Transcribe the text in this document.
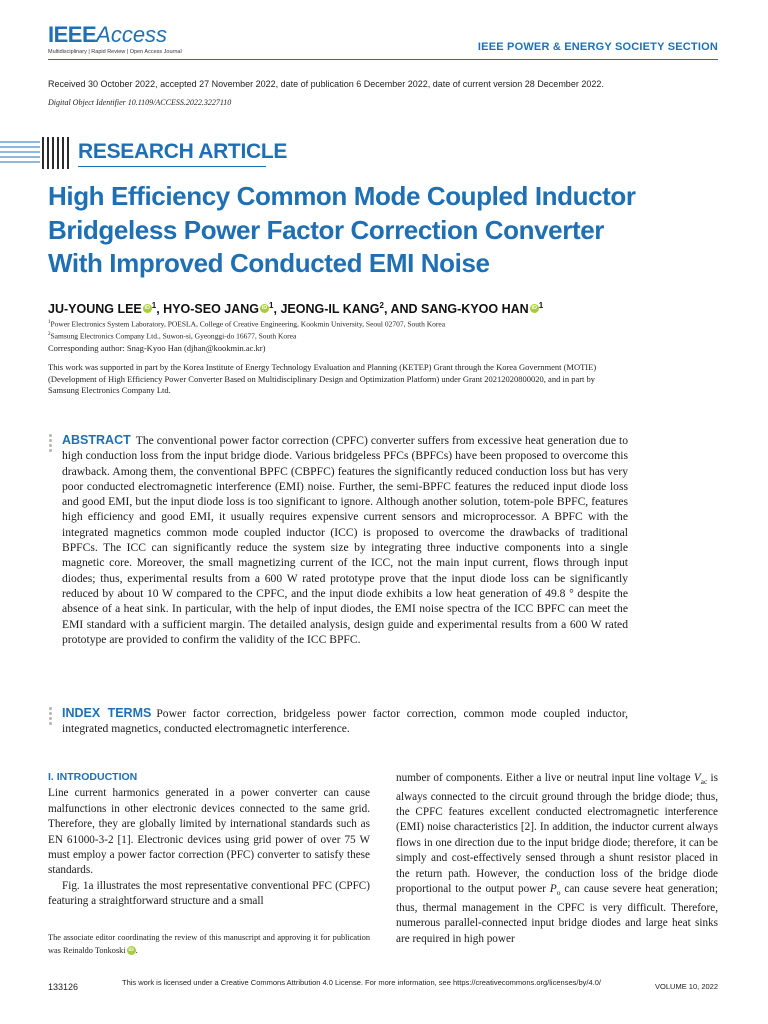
IEEEAccess
Multidisciplinary | Rapid Review | Open Access Journal	IEEE POWER & ENERGY SOCIETY SECTION
Received 30 October 2022, accepted 27 November 2022, date of publication 6 December 2022, date of current version 28 December 2022.
Digital Object Identifier 10.1109/ACCESS.2022.3227110
RESEARCH ARTICLE
High Efficiency Common Mode Coupled Inductor
Bridgeless Power Factor Correction Converter
With Improved Conducted EMI Noise
JU-YOUNG LEE iD $^1$, HYO-SEO JANG iD $^1$, JEONG-IL KANG$^2$, AND SANG-KYOO HAN iD $^1$
$^1$Power Electronics System Laboratory, POESLA, College of Creative Engineering, Kookmin University, Seoul 02707, South Korea
$^2$Samsung Electronics Company Ltd., Suwon-si, Gyeonggi-do 16677, South Korea
Corresponding author: Snag-Kyoo Han (djhan@kookmin.ac.kr)
This work was supported in part by the Korea Institute of Energy Technology Evaluation and Planning (KETEP) Grant through the Korea Government (MOTIE) (Development of High Efficiency Power Converter Based on Multidisciplinary Design and Optimization Platform) under Grant 20212020800020, and in part by Samsung Electronics Company Ltd.

ABSTRACT The conventional power factor correction (CPFC) converter suffers from excessive heat generation due to high conduction loss from the input bridge diode. Various bridgeless PFCs (BPFCs) have been proposed to overcome this drawback. Among them, the conventional BPFC (CBPFC) features the significantly reduced conduction loss but has very poor conducted electromagnetic interference (EMI) noise. Further, the semi-BPFC features the reduced input diode loss and good EMI, but the input diode loss is too significant to ignore. Although another solution, totem-pole BPFC, features high efficiency and good EMI, it usually requires expensive current sensors and microprocessor. A BPFC with the integrated magnetics common mode coupled inductor (ICC) is proposed to overcome the drawbacks of traditional BPFCs. The ICC can significantly reduce the system size by integrating three inductive components into a single magnetic core. Moreover, the small magnetizing current of the ICC, not the main input current, flows through input diodes; thus, experimental results from a 600 W rated prototype prove that the input diode loss can be significantly reduced by about 10 W compared to the CPFC, and the input diode exhibits a low heat generation of 49.8 ° despite the absence of a heat sink. In particular, with the help of input diodes, the EMI noise spectra of the ICC BPFC can meet the EMI standard with a sufficient margin. The detailed analysis, design guide and experimental results from a 600 W rated prototype are provided to confirm the validity of the ICC BPFC.

INDEX TERMS Power factor correction, bridgeless power factor correction, common mode coupled inductor, integrated magnetics, conducted electromagnetic interference.

I. INTRODUCTION

Line current harmonics generated in a power converter can cause malfunctions in other electronic devices connected to the same grid. Therefore, they are globally limited by international standards such as EN 61000-3-2 [1]. Electronic devices using grid power of over 75 W must employ a power factor correction (PFC) converter to satisfy these standards.

Fig. 1a illustrates the most representative conventional PFC (CPFC) featuring a straightforward structure and a small

The associate editor coordinating the review of this manuscript and approving it for publication was Reinaldo Tonkoski iD .

number of components. Either a live or neutral input line voltage $V_{ac}$ is always connected to the circuit ground through the bridge diode; thus, the CPFC features excellent conducted electromagnetic interference (EMI) noise characteristics [2]. In addition, the inductor current always flows in one direction due to the input bridge diode; therefore, it can be simply and cost-effectively sensed through a shunt resistor placed in the return path. However, the conduction loss of the bridge diode proportional to the output power $P_o$ can cause severe heat generation; thus, thermal management in the CPFC is very difficult. Therefore, numerous parallel-connected input bridge diodes and large heat sinks are required in high power

133126	This work is licensed under a Creative Commons Attribution 4.0 License. For more information, see https://creativecommons.org/licenses/by/4.0/	VOLUME 10, 2022
